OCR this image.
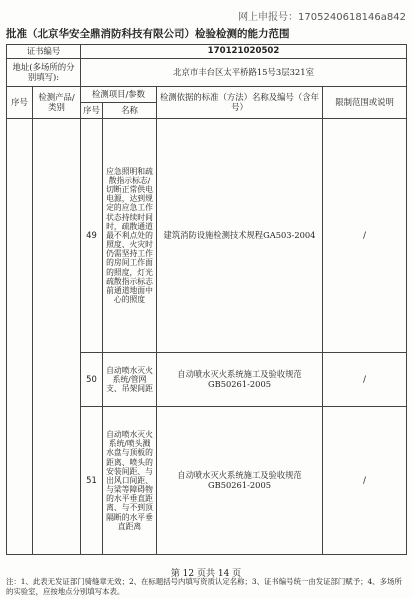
网上申报号：17052406181​46a842
批准（北京华安全鼎消防科技有限公司）检验检测的能力范围
证书编号		170121020502			
地址(多场所的分别填写):		北京市丰台区太平桥路15号3层321室			
序号	检测产品/类别	检测项目/参数		检测依据的标准（方法）名称及编号（含年号）	限制范围或说明
		序号	名称		
		49	应急照明和疏散指示标志/切断正常供电电源，达到规定的应急工作状态持续时间时，疏散通道最不利点处的照度、火灾时仍需坚持工作的房间工作面的照度，灯光疏散指示标志前通道地面中心的照度	建筑消防设施检测技术规程GA503-2004	/
		50	自动喷水灭火系统/管网支、吊架间距	自动喷水灭火系统施工及验收规范GB50261-2005	/
		51	自动喷水灭火系统/喷头溅水盘与顶板的距离、喷头的安装间距、与出风口间距、与梁等障碍物的水平垂直距离、与不到顶隔断的水平垂直距离	自动喷水灭火系统施工及验收规范GB50261-2005	/
第 12 页共 14 页
注：1、此表无发证部门骑缝章无效；2、在标题括号内填写资质认定名称；3、证书编号统一由发证部门赋予；4、多场所的实验室，应按地点分别填写本表。
